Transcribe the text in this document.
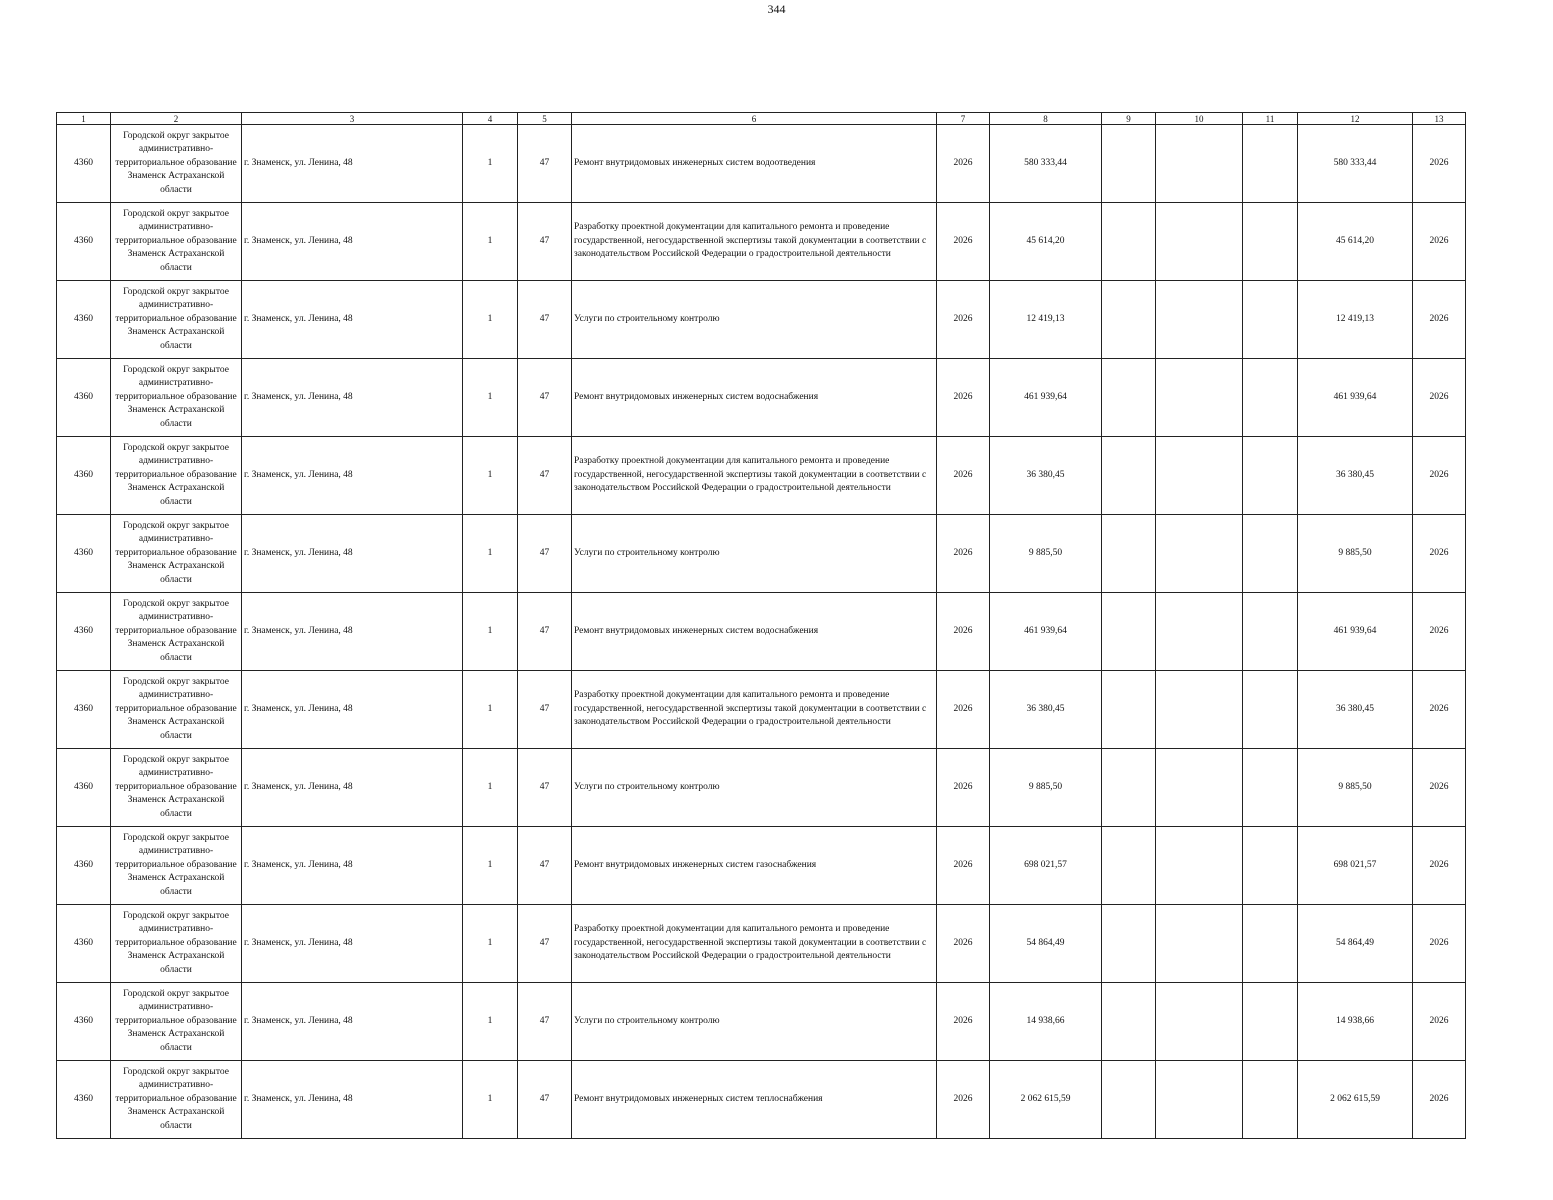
344
1	2	3	4	5	6	7	8	9	10	11	12	13
4360	Городской округ закрытое административно-территориальное образование Знаменск Астраханской области	г. Знаменск, ул. Ленина, 48	1	47	Ремонт внутридомовых инженерных систем водоотведения	2026	580 333,44				580 333,44	2026
4360	Городской округ закрытое административно-территориальное образование Знаменск Астраханской области	г. Знаменск, ул. Ленина, 48	1	47	Разработку проектной документации для капитального ремонта и проведение государственной, негосударственной экспертизы такой документации в соответствии с законодательством Российской Федерации о градостроительной деятельности	2026	45 614,20				45 614,20	2026
4360	Городской округ закрытое административно-территориальное образование Знаменск Астраханской области	г. Знаменск, ул. Ленина, 48	1	47	Услуги по строительному контролю	2026	12 419,13				12 419,13	2026
4360	Городской округ закрытое административно-территориальное образование Знаменск Астраханской области	г. Знаменск, ул. Ленина, 48	1	47	Ремонт внутридомовых инженерных систем водоснабжения	2026	461 939,64				461 939,64	2026
4360	Городской округ закрытое административно-территориальное образование Знаменск Астраханской области	г. Знаменск, ул. Ленина, 48	1	47	Разработку проектной документации для капитального ремонта и проведение государственной, негосударственной экспертизы такой документации в соответствии с законодательством Российской Федерации о градостроительной деятельности	2026	36 380,45				36 380,45	2026
4360	Городской округ закрытое административно-территориальное образование Знаменск Астраханской области	г. Знаменск, ул. Ленина, 48	1	47	Услуги по строительному контролю	2026	9 885,50				9 885,50	2026
4360	Городской округ закрытое административно-территориальное образование Знаменск Астраханской области	г. Знаменск, ул. Ленина, 48	1	47	Ремонт внутридомовых инженерных систем водоснабжения	2026	461 939,64				461 939,64	2026
4360	Городской округ закрытое административно-территориальное образование Знаменск Астраханской области	г. Знаменск, ул. Ленина, 48	1	47	Разработку проектной документации для капитального ремонта и проведение государственной, негосударственной экспертизы такой документации в соответствии с законодательством Российской Федерации о градостроительной деятельности	2026	36 380,45				36 380,45	2026
4360	Городской округ закрытое административно-территориальное образование Знаменск Астраханской области	г. Знаменск, ул. Ленина, 48	1	47	Услуги по строительному контролю	2026	9 885,50				9 885,50	2026
4360	Городской округ закрытое административно-территориальное образование Знаменск Астраханской области	г. Знаменск, ул. Ленина, 48	1	47	Ремонт внутридомовых инженерных систем газоснабжения	2026	698 021,57				698 021,57	2026
4360	Городской округ закрытое административно-территориальное образование Знаменск Астраханской области	г. Знаменск, ул. Ленина, 48	1	47	Разработку проектной документации для капитального ремонта и проведение государственной, негосударственной экспертизы такой документации в соответствии с законодательством Российской Федерации о градостроительной деятельности	2026	54 864,49				54 864,49	2026
4360	Городской округ закрытое административно-территориальное образование Знаменск Астраханской области	г. Знаменск, ул. Ленина, 48	1	47	Услуги по строительному контролю	2026	14 938,66				14 938,66	2026
4360	Городской округ закрытое административно-территориальное образование Знаменск Астраханской области	г. Знаменск, ул. Ленина, 48	1	47	Ремонт внутридомовых инженерных систем теплоснабжения	2026	2 062 615,59				2 062 615,59	2026
